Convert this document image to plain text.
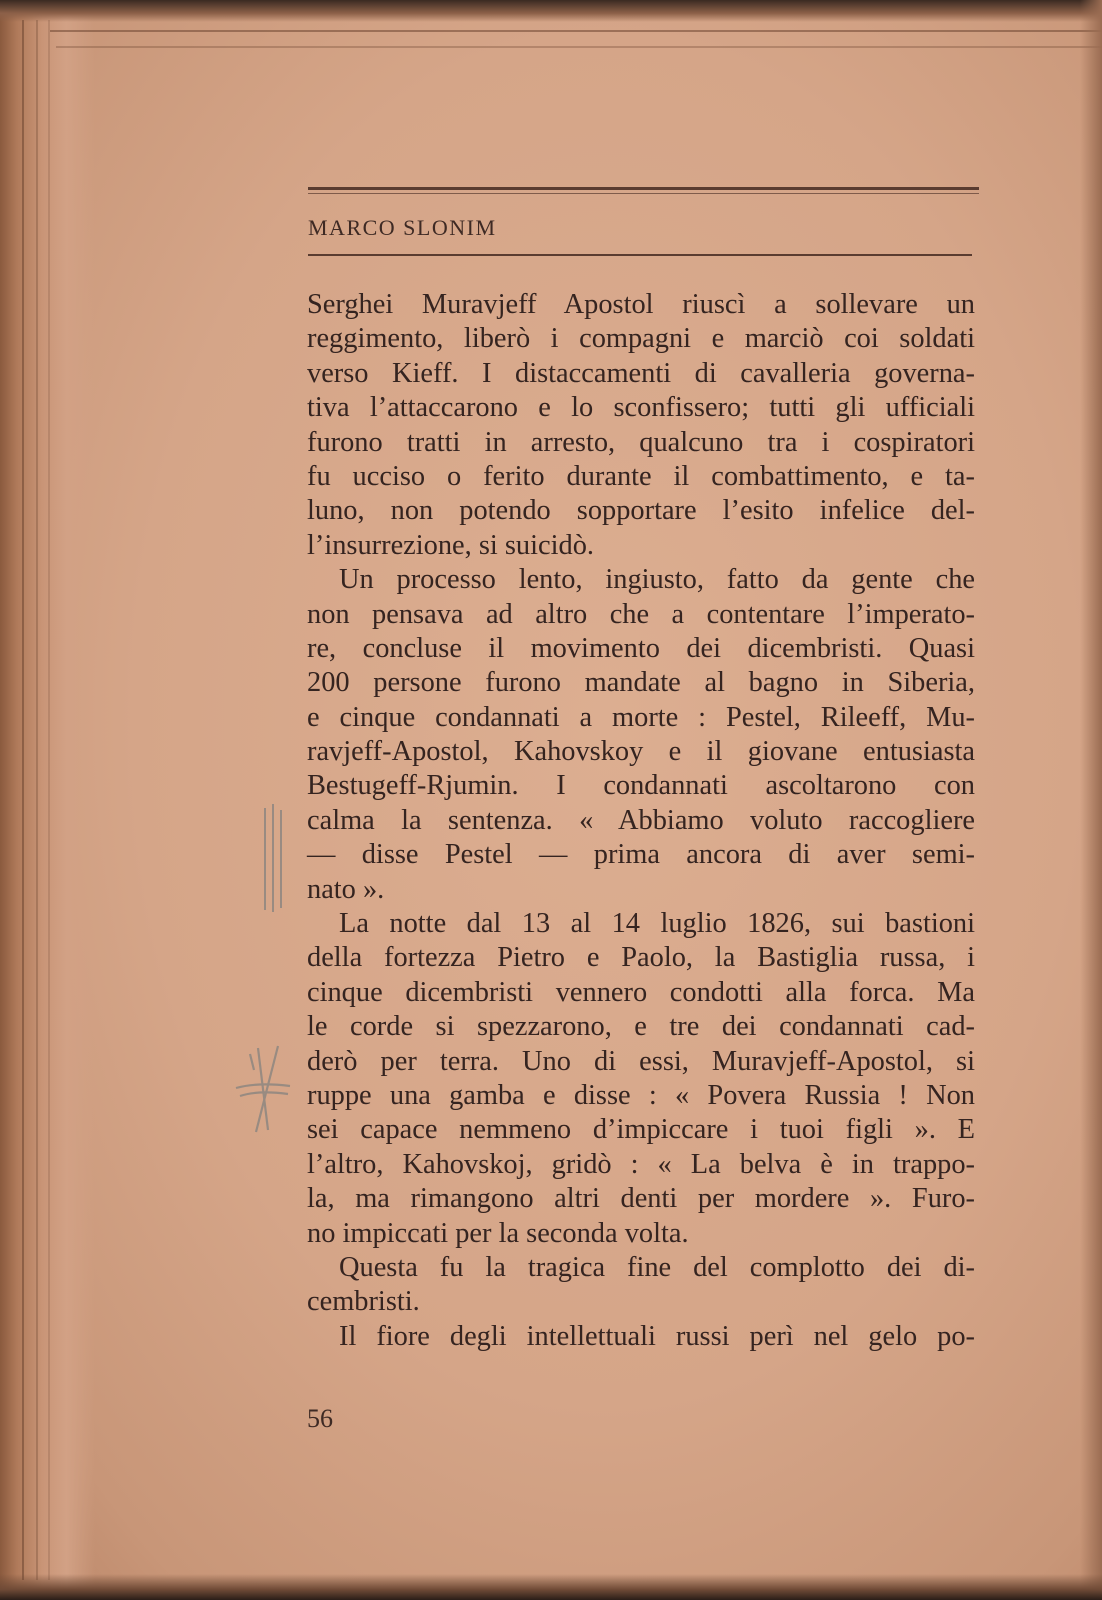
MARCO SLONIM
Serghei Muravjeff Apostol riuscì a sollevare un
reggimento, liberò i compagni e marciò coi soldati
verso Kieff. I distaccamenti di cavalleria governa-
tiva l’attaccarono e lo sconfissero; tutti gli ufficiali
furono tratti in arresto, qualcuno tra i cospiratori
fu ucciso o ferito durante il combattimento, e ta-
luno, non potendo sopportare l’esito infelice del-
l’insurrezione, si suicidò.
Un processo lento, ingiusto, fatto da gente che
non pensava ad altro che a contentare l’imperato-
re, concluse il movimento dei dicembristi. Quasi
200 persone furono mandate al bagno in Siberia,
e cinque condannati a morte : Pestel, Rileeff, Mu-
ravjeff-Apostol, Kahovskoy e il giovane entusiasta
Bestugeff-Rjumin. I condannati ascoltarono con
calma la sentenza. « Abbiamo voluto raccogliere
— disse Pestel — prima ancora di aver semi-
nato ».
La notte dal 13 al 14 luglio 1826, sui bastioni
della fortezza Pietro e Paolo, la Bastiglia russa, i
cinque dicembristi vennero condotti alla forca. Ma
le corde si spezzarono, e tre dei condannati cad-
derò per terra. Uno di essi, Muravjeff-Apostol, si
ruppe una gamba e disse : « Povera Russia ! Non
sei capace nemmeno d’impiccare i tuoi figli ». E
l’altro, Kahovskoj, gridò : « La belva è in trappo-
la, ma rimangono altri denti per mordere ». Furo-
no impiccati per la seconda volta.
Questa fu la tragica fine del complotto dei di-
cembristi.
Il fiore degli intellettuali russi perì nel gelo po-
56
